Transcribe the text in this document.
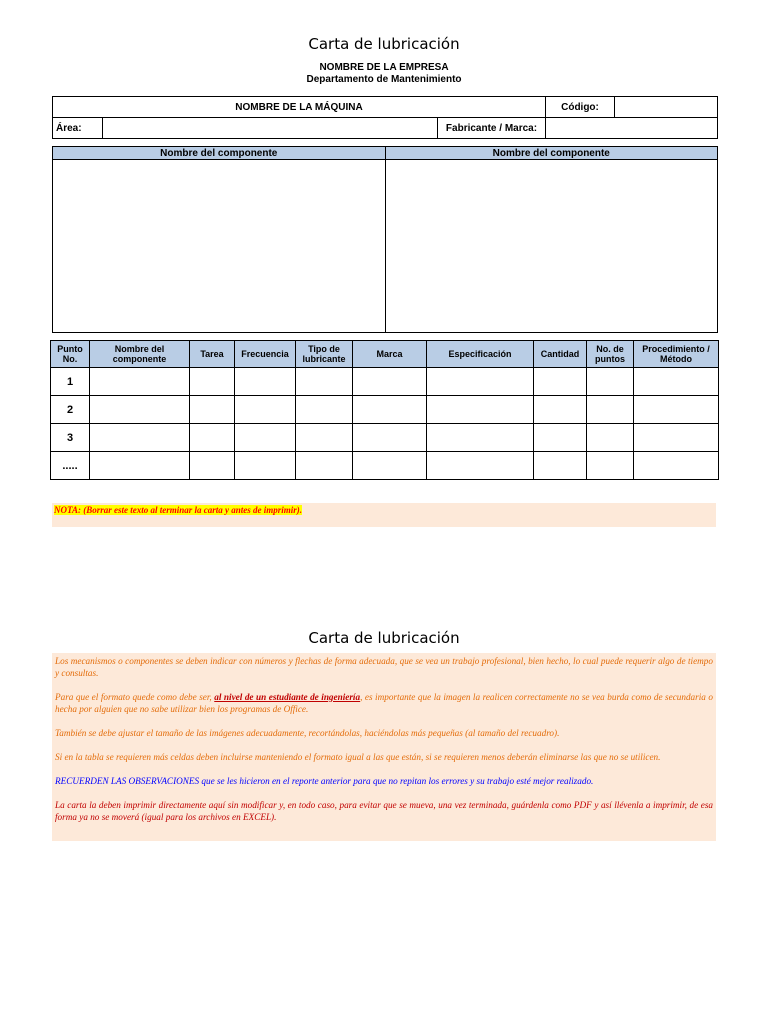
Carta de lubricación
NOMBRE DE LA EMPRESA
Departamento de Mantenimiento
NOMBRE DE LA MÁQUINA			Código:	
Área:		Fabricante / Marca:		
Nombre del componente	Nombre del componente

Punto No.	Nombre del componente	Tarea	Frecuencia	Tipo de lubricante	Marca	Especificación	Cantidad	No. de puntos	Procedimiento / Método
1									
2									
3									
.....									
NOTA: (Borrar este texto al terminar la carta y antes de imprimir).
Carta de lubricación

Los mecanismos o componentes se deben indicar con números y flechas de forma adecuada, que se vea un trabajo profesional, bien hecho, lo cual puede requerir algo de tiempo y consultas.

Para que el formato quede como debe ser, al nivel de un estudiante de ingeniería, es importante que la imagen la realicen correctamente no se vea burda como de secundaria o hecha por alguien que no sabe utilizar bien los programas de Office.

También se debe ajustar el tamaño de las imágenes adecuadamente, recortándolas, haciéndolas más pequeñas (al tamaño del recuadro).

Si en la tabla se requieren más celdas deben incluirse manteniendo el formato igual a las que están, si se requieren menos deberán eliminarse las que no se utilicen.

RECUERDEN LAS OBSERVACIONES que se les hicieron en el reporte anterior para que no repitan los errores y su trabajo esté mejor realizado.

La carta la deben imprimir directamente aquí sin modificar y, en todo caso, para evitar que se mueva, una vez terminada, guárdenla como PDF y así llévenla a imprimir, de esa forma ya no se moverá (igual para los archivos en EXCEL).
